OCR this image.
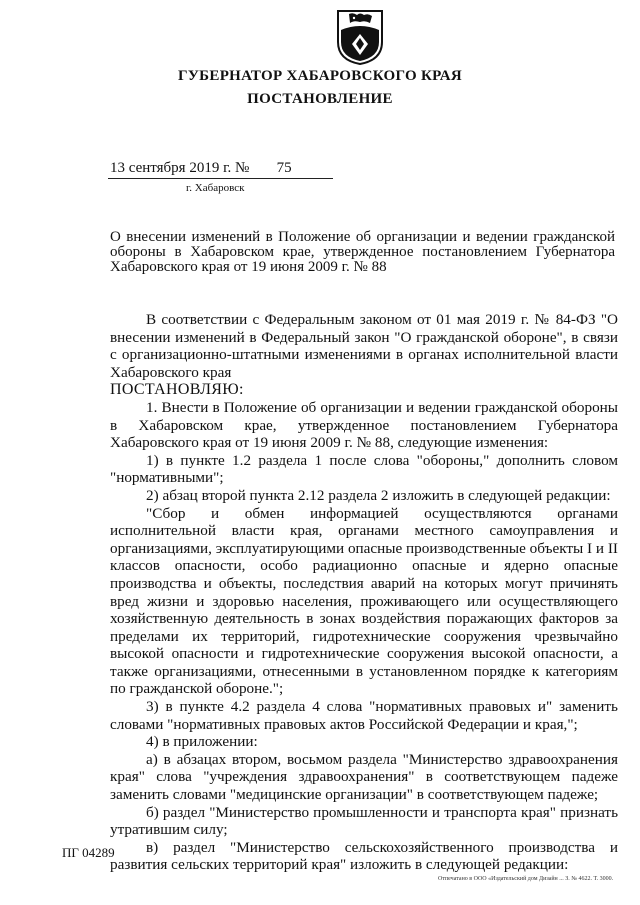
ГУБЕРНАТОР ХАБАРОВСКОГО КРАЯ
ПОСТАНОВЛЕНИЕ
13 сентября 2019 г. № 75
г. Хабаровск
О внесении изменений в Положение об организации и ведении гражданской обороны в Хабаровском крае, утвержденное постановлением Губернатора Хабаровского края от 19 июня 2009 г. № 88

В соответствии с Федеральным законом от 01 мая 2019 г. № 84-ФЗ "О внесении изменений в Федеральный закон "О гражданской обороне", в связи с организационно-штатными изменениями в органах исполнительной власти Хабаровского края

ПОСТАНОВЛЯЮ:

1. Внести в Положение об организации и ведении гражданской обороны в Хабаровском крае, утвержденное постановлением Губернатора Хабаровского края от 19 июня 2009 г. № 88, следующие изменения:

1) в пункте 1.2 раздела 1 после слова "обороны," дополнить словом "нормативными";

2) абзац второй пункта 2.12 раздела 2 изложить в следующей редакции:

"Сбор и обмен информацией осуществляются органами исполнительной власти края, органами местного самоуправления и организациями, эксплуатирующими опасные производственные объекты I и II классов опасности, особо радиационно опасные и ядерно опасные производства и объекты, последствия аварий на которых могут причинять вред жизни и здоровью населения, проживающего или осуществляющего хозяйственную деятельность в зонах воздействия поражающих факторов за пределами их территорий, гидротехнические сооружения чрезвычайно высокой опасности и гидротехнические сооружения высокой опасности, а также организациями, отнесенными в установленном порядке к категориям по гражданской обороне.";

3) в пункте 4.2 раздела 4 слова "нормативных правовых и" заменить словами "нормативных правовых актов Российской Федерации и края,";

4) в приложении:

а) в абзацах втором, восьмом раздела "Министерство здравоохранения края" слова "учреждения здравоохранения" в соответствующем падеже заменить словами "медицинские организации" в соответствующем падеже;

б) раздел "Министерство промышленности и транспорта края" признать утратившим силу;

в) раздел "Министерство сельскохозяйственного производства и развития сельских территорий края" изложить в следующей редакции:

ПГ 04289
Отпечатано в ООО «Издательский дом Дизайн ... З. № 4622. Т. 3000.
